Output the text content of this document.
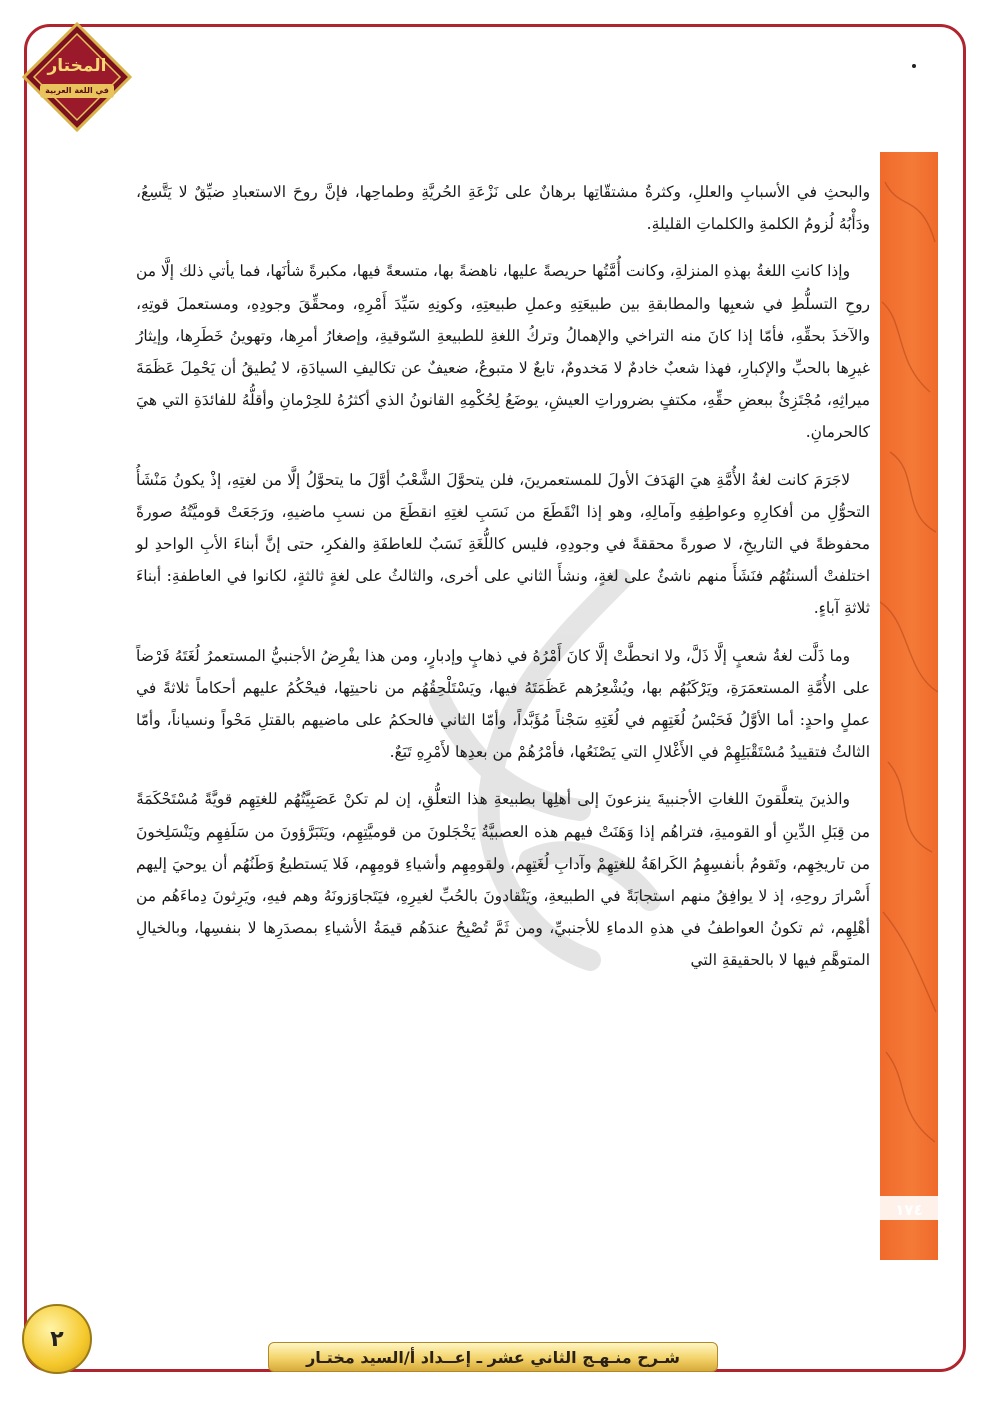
المختار
في اللغة العربية
١٧٤

والبحثِ في الأسبابِ والعللِ، وكثرةُ مشتقّاتِها برهانٌ على نَزْعَةِ الحُريَّةِ وطماحِها، فإنَّ روحَ الاستعبادِ ضيِّقٌ لا يَتَّسِعُ، ودَأْبُهُ لُزومُ الكلمةِ والكلماتِ القليلةِ.

وإذا كانتِ اللغةُ بهذهِ المنزلةِ، وكانت أُمَّتُها حريصةً عليها، ناهضةً بها، متسعةً فيها، مكبرةً شأنَها، فما يأتي ذلك إلَّا من روحِ التسلُّطِ في شعبِها والمطابقةِ بين طبيعَتِهِ وعملِ طبيعتِهِ، وكونِهِ سَيِّدَ أَمْرِهِ، ومحقِّقَ وجودِهِ، ومستعملَ قوتِهِ، والآخذَ بحقِّهِ، فأمّا إذا كانَ منه التراخي والإهمالُ وتركُ اللغةِ للطبيعةِ السّوقيةِ، وإصغارُ أمرِها، وتهوينُ خَطَرِها، وإيثارُ غيرِها بالحبِّ والإكبارِ، فهذا شعبٌ خادمٌ لا مَخدومٌ، تابعٌ لا متبوعٌ، ضعيفٌ عن تكاليفِ السيادَةِ، لا يُطيقُ أن يَحْمِلَ عَظَمَةَ ميراثِهِ، مُجْتَزِئٌ ببعضِ حقِّهِ، مكتفٍ بضروراتِ العيشِ، يوضَعُ لِحُكْمِهِ القانونُ الذي أكثرُهُ للحِرْمانِ وأقلُّهُ للفائدَةِ التي هيَ كالحرمانِ.

لاجَرَمَ كانت لغةُ الأُمَّةِ هيَ الهَدَفَ الأولَ للمستعمرينَ، فلن يتحوَّلَ الشَّعْبُ أوَّلَ ما يتحوَّلُ إلَّا من لغتِهِ، إذْ يكونُ مَنْشَأُ التحوُّلِ من أفكارِهِ وعواطِفِهِ وآمالِهِ، وهو إذا انْقَطَعَ من نَسَبِ لغتِهِ انقطَعَ من نسبِ ماضيهِ، ورَجَعَتْ قوميَّتُهُ صورةً محفوظةً في التاريخِ، لا صورةً محققةً في وجودِهِ، فليس كاللُّغَةِ نَسَبٌ للعاطفَةِ والفكرِ، حتى إنَّ أبناءَ الأبِ الواحدِ لو اختلفتْ ألسنتُهُم فنَشَأَ منهم ناشئٌ على لغةٍ، ونشأَ الثاني على أخرى، والثالثُ على لغةٍ ثالثةٍ، لكانوا في العاطفةِ: أبناءَ ثلاثةِ آباءٍ.

وما ذَلَّت لغةُ شعبٍ إلَّا ذَلَّ، ولا انحطَّتْ إلَّا كانَ أَمْرُهُ في ذهابٍ وإدبارٍ، ومن هذا يفْرِضُ الأجنبيُّ المستعمرُ لُغَتَهُ فَرْضاً على الأُمَّةِ المستعمَرَةِ، ويَرْكَبُهُم بها، ويُشْعِرُهم عَظَمَتَهُ فيها، ويَسْتَلْحِقُهُم من ناحيتِها، فيحْكُمُ عليهم أحكاماً ثلاثةً في عملٍ واحدٍ: أما الأوَّلُ فَحَبْسُ لُغَتِهِم في لُغَتِهِ سَجْناً مُؤَبَّداً، وأمّا الثاني فالحكمُ على ماضيهم بالقتلِ مَحْواً ونسياناً، وأمّا الثالثُ فتقييدُ مُسْتَقْبَلِهِمْ في الأَغْلالِ التي يَصْنَعُها، فأمْرُهُمْ من بعدِها لأَمْرِهِ تَبَعٌ.

والذينَ يتعلَّقونَ اللغاتِ الأجنبيةَ ينزعونَ إلى أهلِها بطبيعةِ هذا التعلُّقِ، إن لم تكنْ عَصَبِيَّتُهُم للغتِهِم قويَّةً مُسْتَحْكَمَةً من قِبَلِ الدِّينِ أو القوميةِ، فتراهُم إذا وَهَنَتْ فيهم هذه العصبيَّةُ يَخْجَلونَ من قوميَّتِهِم، ويَتَبَرَّؤونَ من سَلَفِهِم ويَنْسَلِخونَ من تاريخِهِم، وتَقومُ بأنفسِهِمُ الكَراهَةُ للغتِهِمْ وآدابِ لُغَتِهِم، ولقومِهِم وأشياءِ قومِهِم، فَلا يَستطيعُ وَطَنُهُم أن يوحيَ إليهم أَسْرارَ روحِهِ، إذ لا يوافِقُ منهم استجابَةً في الطبيعةِ، ويَنْقادونَ بالحُبِّ لغيرِهِ، فيَتَجاوَزونَهُ وهم فيهِ، ويَرِثونَ دِماءَهُم من أهْلِهِم، ثم تكونُ العواطفُ في هذهِ الدماءِ للأجنبيِّ، ومن ثَمَّ تُصْبِحُ عندَهُم قيمَةُ الأشياءِ بمصدَرِها لا بنفسِها، وبالخيالِ المتوهَّمِ فيها لا بالحقيقةِ التي

٢
شـرح منـهـج الثاني عشر ـ إعــداد أ/السيد مختـار
